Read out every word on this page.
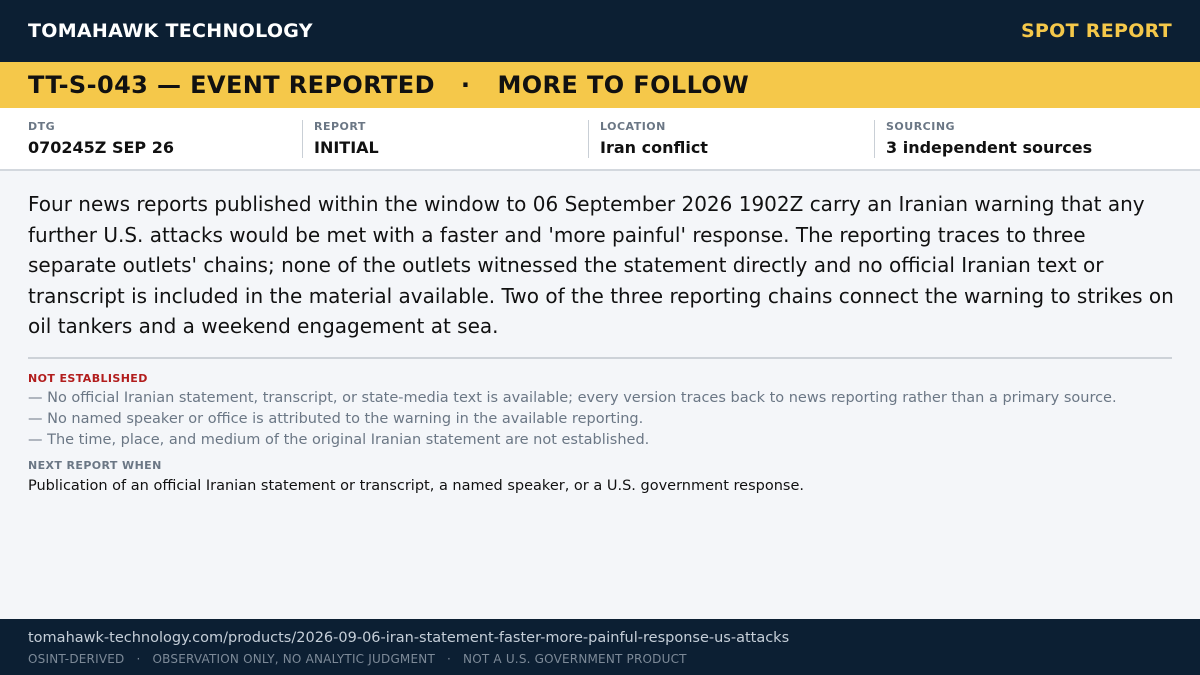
TOMAHAWK TECHNOLOGY	SPOT REPORT
TT-S-043 — EVENT REPORTED · MORE TO FOLLOW
DTG
070245Z SEP 26
REPORT
INITIAL
LOCATION
Iran conflict
SOURCING
3 independent sources

Four news reports published within the window to 06 September 2026 1902Z carry an Iranian warning that any further U.S. attacks would be met with a faster and 'more painful' response. The reporting traces to three separate outlets' chains; none of the outlets witnessed the statement directly and no official Iranian text or transcript is included in the material available. Two of the three reporting chains connect the warning to strikes on oil tankers and a weekend engagement at sea.

NOT ESTABLISHED
— No official Iranian statement, transcript, or state-media text is available; every version traces back to news reporting rather than a primary source.
— No named speaker or office is attributed to the warning in the available reporting.
— The time, place, and medium of the original Iranian statement are not established.
NEXT REPORT WHEN
Publication of an official Iranian statement or transcript, a named speaker, or a U.S. government response.
tomahawk-technology.com/products/2026-09-06-iran-statement-faster-more-painful-response-us-attacks
OSINT-DERIVED · OBSERVATION ONLY, NO ANALYTIC JUDGMENT · NOT A U.S. GOVERNMENT PRODUCT
